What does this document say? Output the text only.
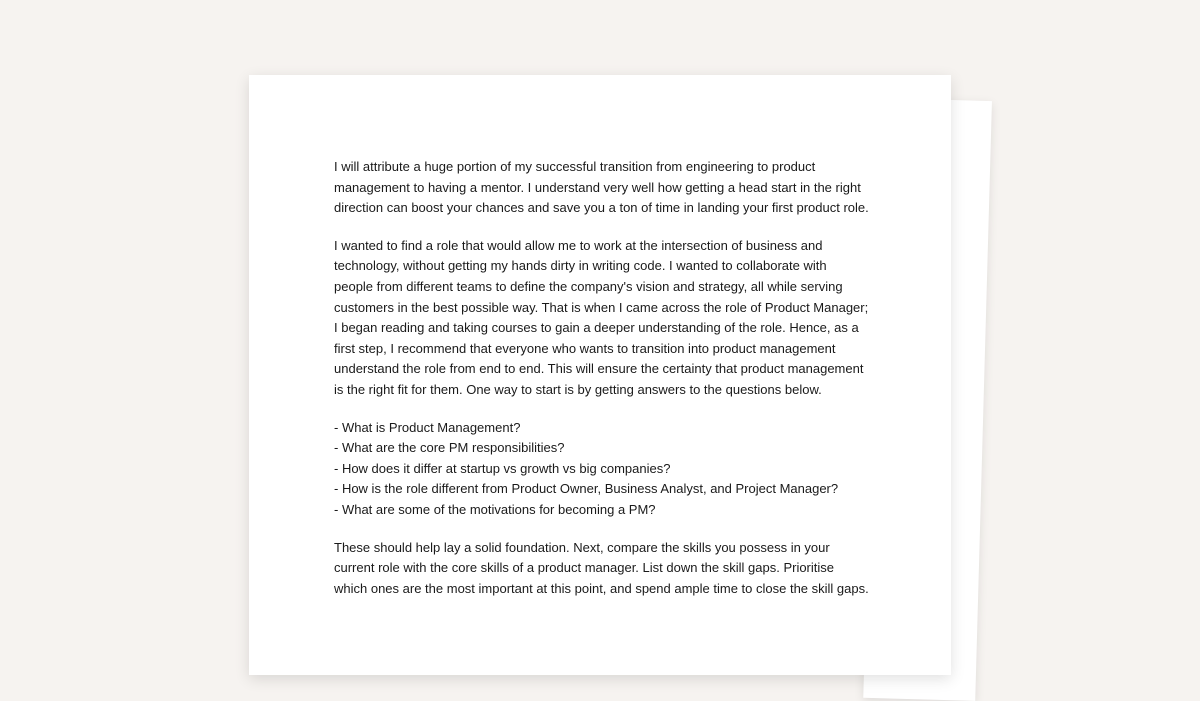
I will attribute a huge portion of my successful transition from engineering to product management to having a mentor. I understand very well how getting a head start in the right direction can boost your chances and save you a ton of time in landing your first product role.

I wanted to find a role that would allow me to work at the intersection of business and technology, without getting my hands dirty in writing code. I wanted to collaborate with people from different teams to define the company's vision and strategy, all while serving customers in the best possible way. That is when I came across the role of Product Manager; I began reading and taking courses to gain a deeper understanding of the role. Hence, as a first step, I recommend that everyone who wants to transition into product management understand the role from end to end. This will ensure the certainty that product management is the right fit for them. One way to start is by getting answers to the questions below.

- What is Product Management?
- What are the core PM responsibilities?
- How does it differ at startup vs growth vs big companies?
- How is the role different from Product Owner, Business Analyst, and Project Manager?
- What are some of the motivations for becoming a PM?

These should help lay a solid foundation. Next, compare the skills you possess in your current role with the core skills of a product manager. List down the skill gaps. Prioritise which ones are the most important at this point, and spend ample time to close the skill gaps.
